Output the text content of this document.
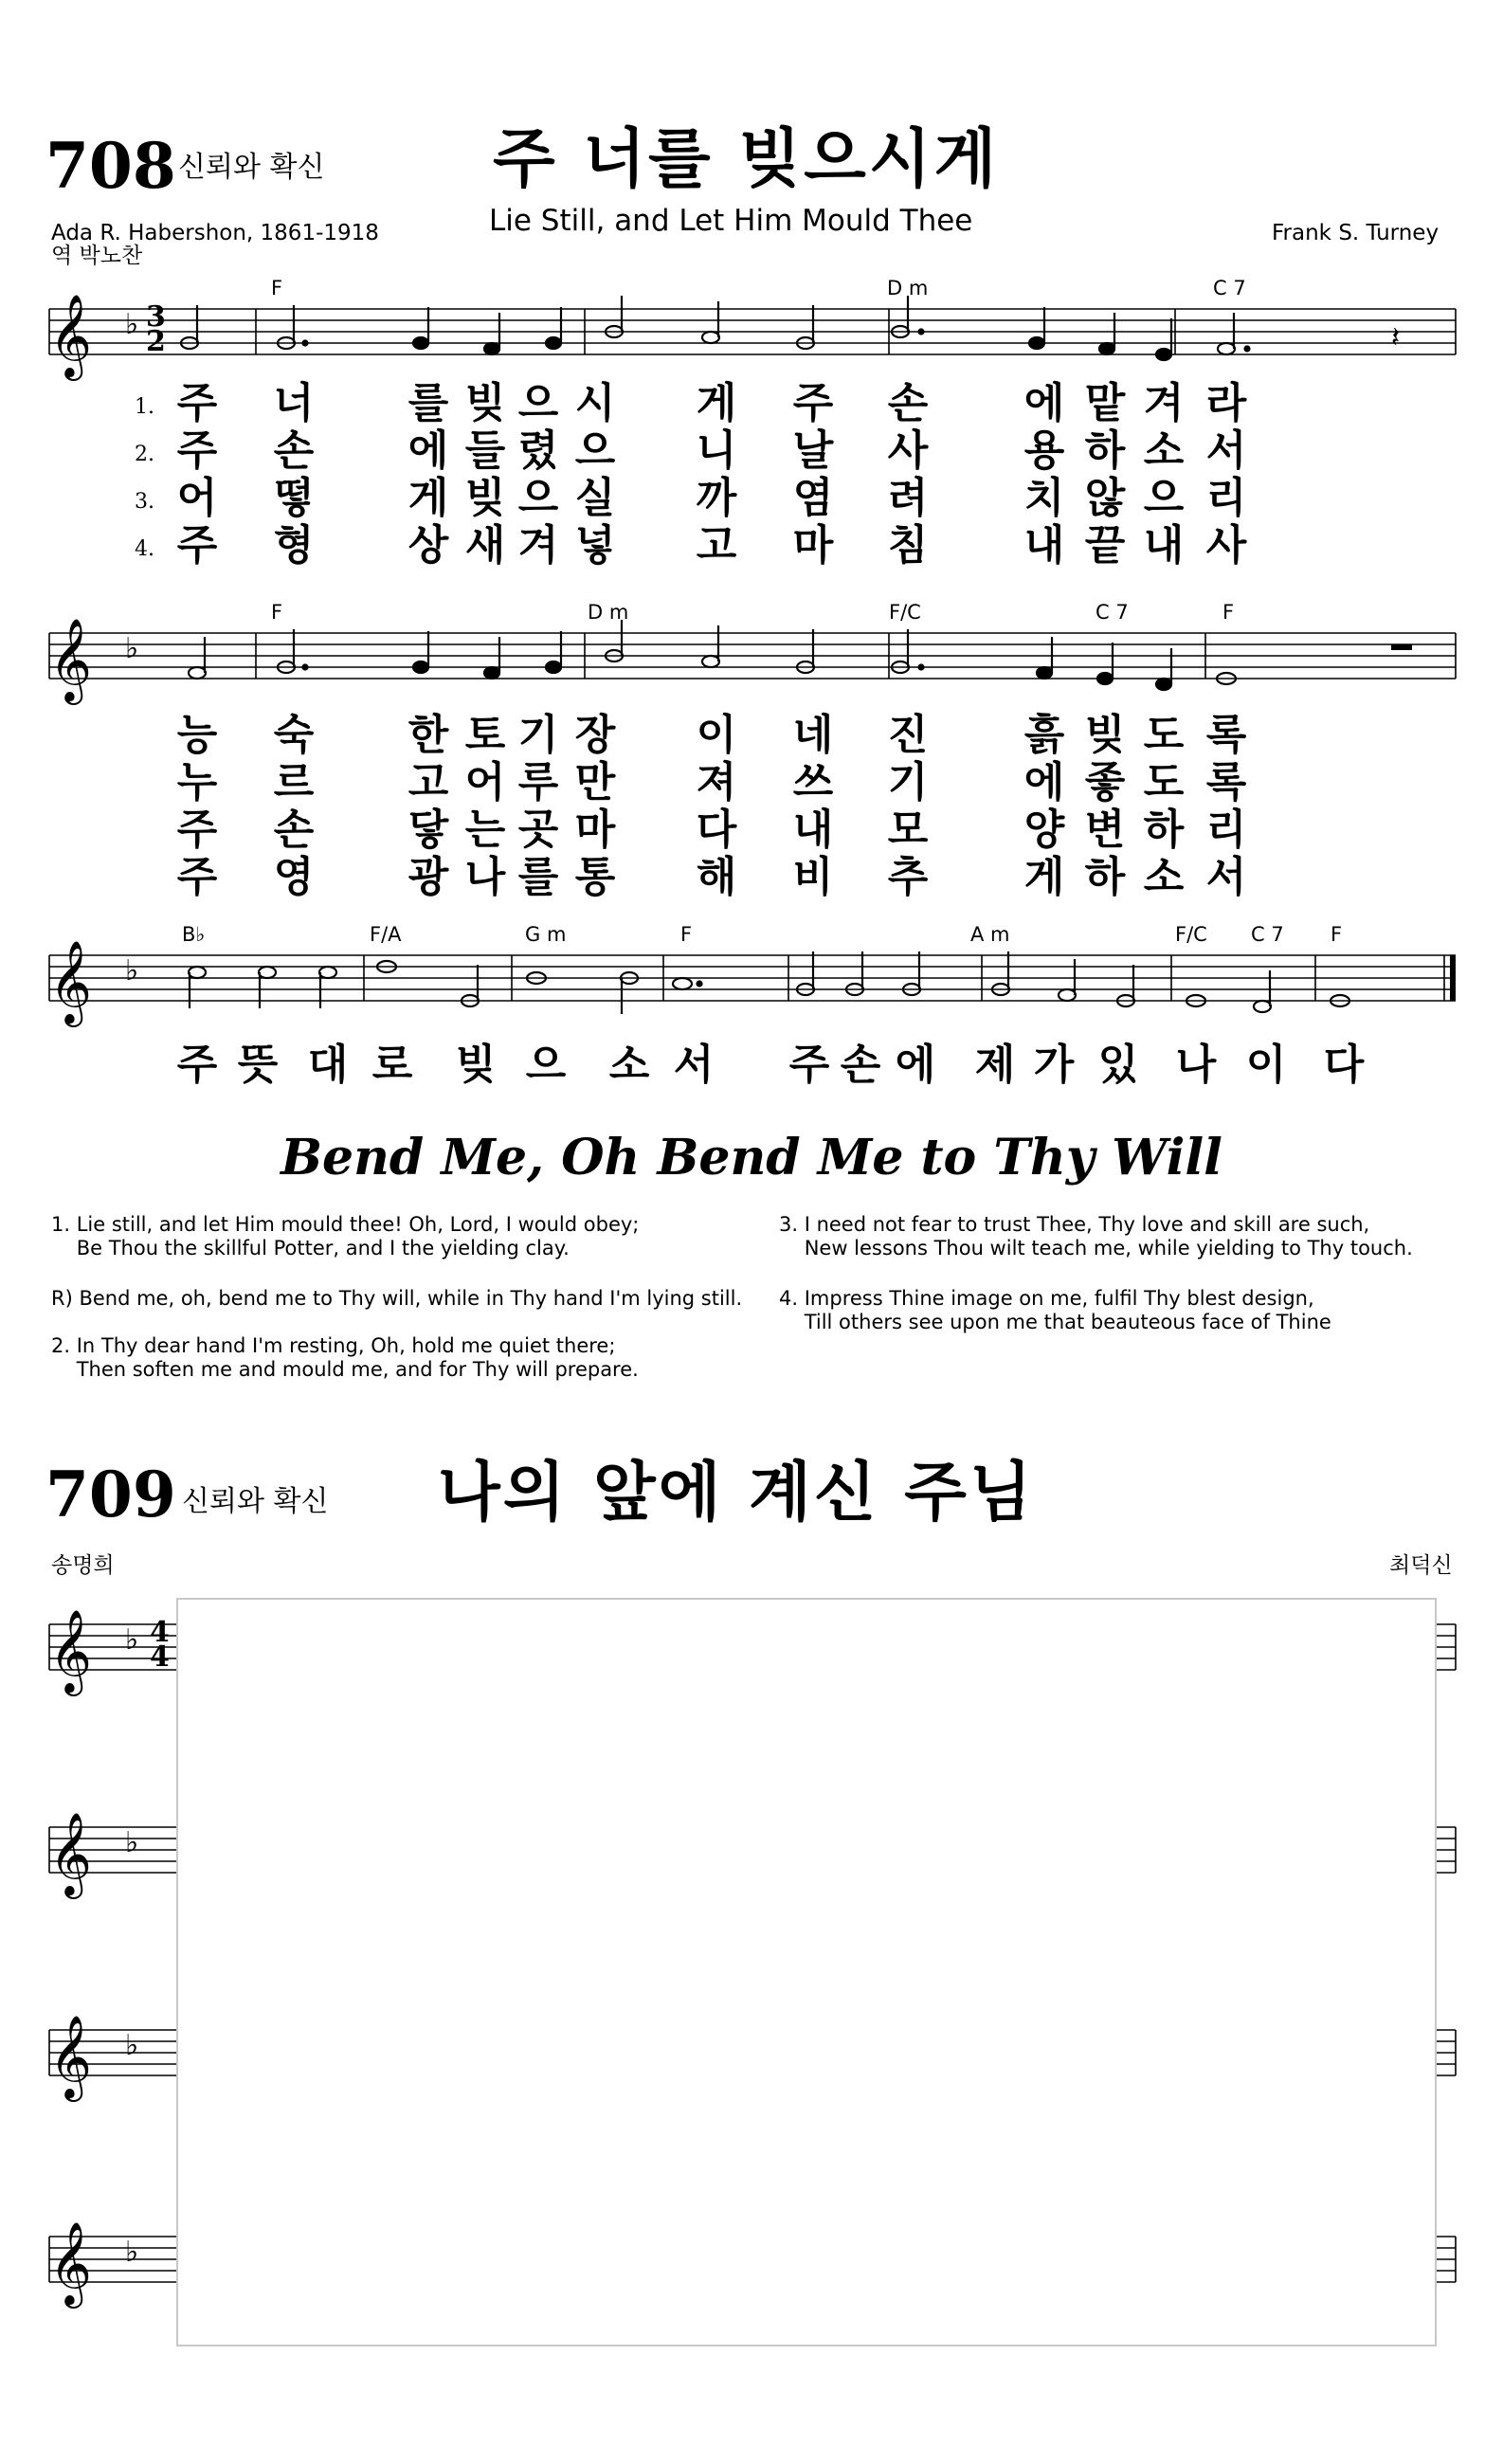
708 신뢰와 확신	주 너를 빚으시게
Lie Still, and Let Him Mould Thee
Ada R. Habershon, 1861-1918
역 박노찬
Frank S. Turney
𝄞 ♭ 3
2	𝄽
F	D m	C 7
1.
2.
3.
4.
주 너 를 빚 으 시 게 주 손 에 맡 겨 라
주 손 에 들 렸 으 니 날 사 용 하 소 서
어 떻 게 빚 으 실 까 염 려 치 않 으 리
주 형 상 새 겨 넣 고 마 침 내 끝 내 사
𝄞 ♭
F	D m	F/C	C 7	F
능 숙 한 토 기 장 이 네 진 흙 빚 도 록
누 르 고 어 루 만 져 쓰 기 에 좋 도 록
주 손 닿 는 곳 마 다 내 모 양 변 하 리
주 영 광 나 를 통 해 비 추 게 하 소 서
𝄞 ♭
B♭	F/A	G m	F	A m	F/C C 7 F
주 뜻 대 로 빚 으 소 서 주 손 에 제 가 있 나 이 다
Bend Me, Oh Bend Me to Thy Will
1. Lie still, and let Him mould thee! Oh, Lord, I would obey;
Be Thou the skillful Potter, and I the yielding clay.
R) Bend me, oh, bend me to Thy will, while in Thy hand I'm lying still.
2. In Thy dear hand I'm resting, Oh, hold me quiet there;
Then soften me and mould me, and for Thy will prepare.
3. I need not fear to trust Thee, Thy love and skill are such,
New lessons Thou wilt teach me, while yielding to Thy touch.
4. Impress Thine image on me, fulfil Thy blest design,
Till others see upon me that beauteous face of Thine
709 신뢰와 확신 나의 앞에 계신 주님
송명희	최덕신
𝄞 ♭ 4
4
𝄞 ♭
𝄞 ♭
𝄞 ♭
